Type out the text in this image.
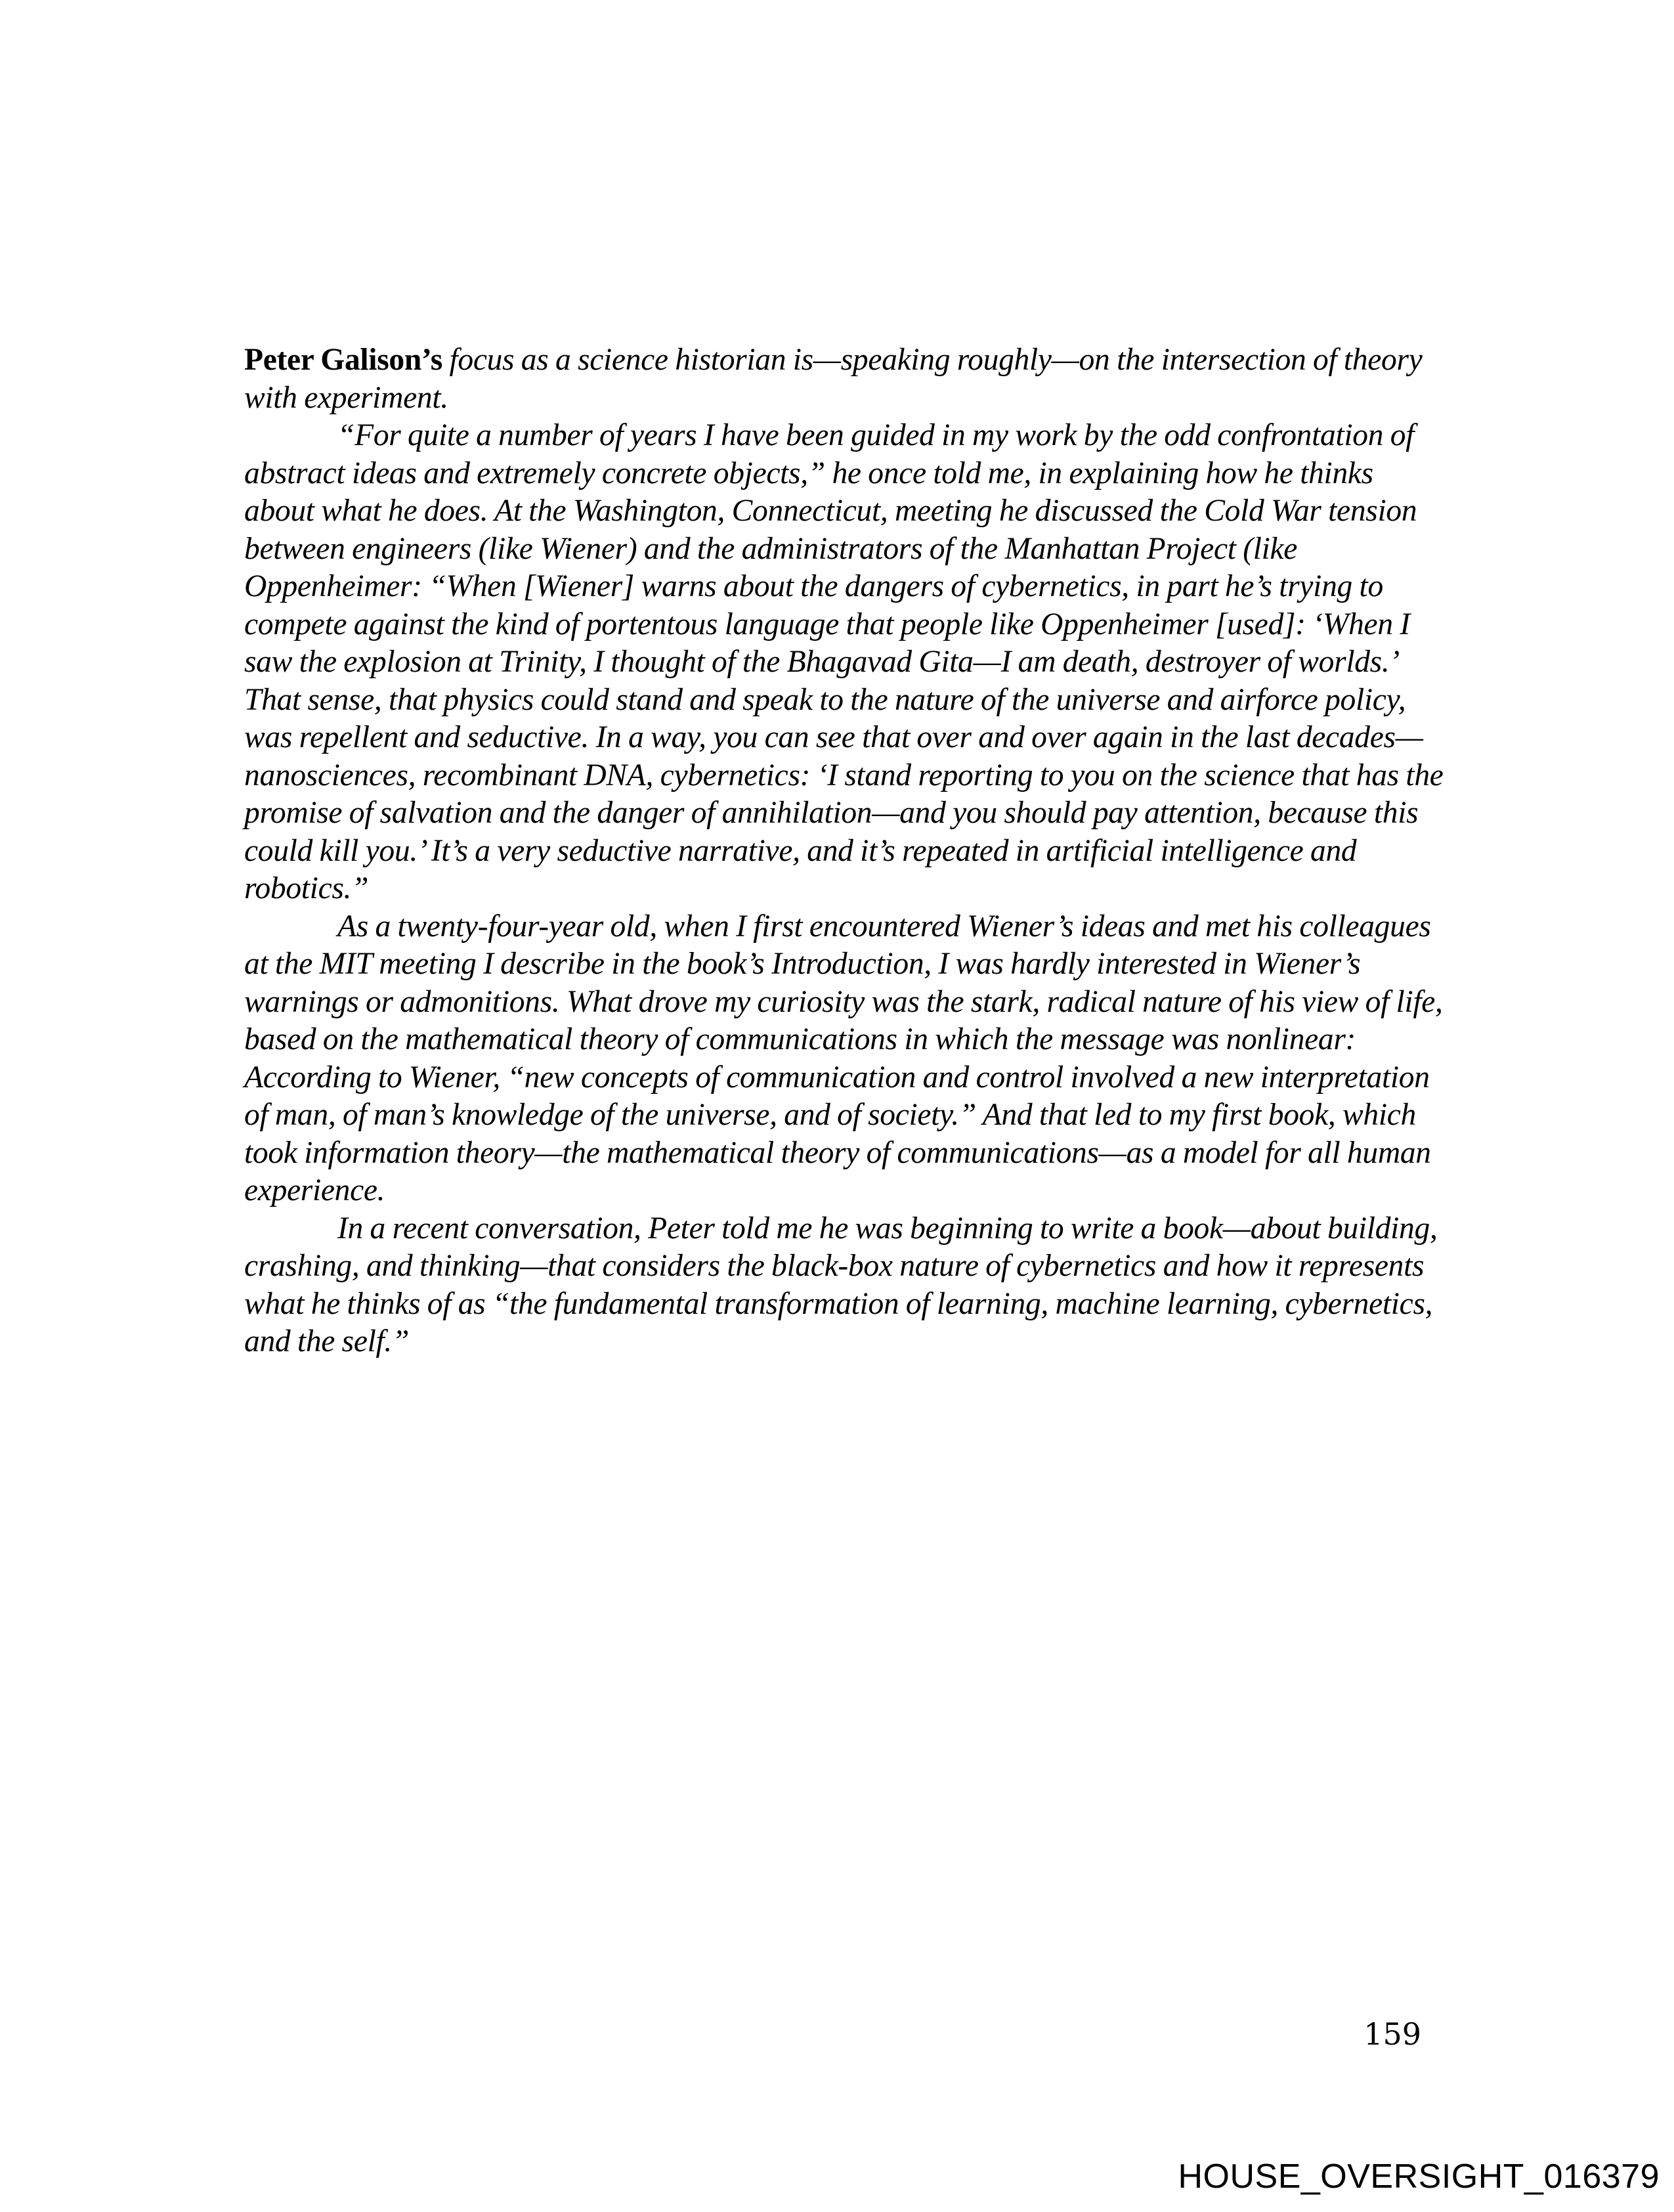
Peter Galison’s focus as a science historian is—speaking roughly—on the intersection of theory with experiment.

“For quite a number of years I have been guided in my work by the odd confrontation of abstract ideas and extremely concrete objects,” he once told me, in explaining how he thinks about what he does. At the Washington, Connecticut, meeting he discussed the Cold War tension between engineers (like Wiener) and the administrators of the Manhattan Project (like Oppenheimer: “When [Wiener] warns about the dangers of cybernetics, in part he’s trying to compete against the kind of portentous language that people like Oppenheimer [used]: ‘When I saw the explosion at Trinity, I thought of the Bhagavad Gita—I am death, destroyer of worlds.’ That sense, that physics could stand and speak to the nature of the universe and airforce policy, was repellent and seductive. In a way, you can see that over and over again in the last decades—nanosciences, recombinant DNA, cybernetics: ‘I stand reporting to you on the science that has the promise of salvation and the danger of annihilation—and you should pay attention, because this could kill you.’ It’s a very seductive narrative, and it’s repeated in artificial intelligence and robotics.”

As a twenty-four-year old, when I first encountered Wiener’s ideas and met his colleagues at the MIT meeting I describe in the book’s Introduction, I was hardly interested in Wiener’s warnings or admonitions. What drove my curiosity was the stark, radical nature of his view of life, based on the mathematical theory of communications in which the message was nonlinear: According to Wiener, “new concepts of communication and control involved a new interpretation of man, of man’s knowledge of the universe, and of society.” And that led to my first book, which took information theory—the mathematical theory of communications—as a model for all human experience.

In a recent conversation, Peter told me he was beginning to write a book—about building, crashing, and thinking—that considers the black-box nature of cybernetics and how it represents what he thinks of as “the fundamental transformation of learning, machine learning, cybernetics, and the self.”

159
HOUSE_OVERSIGHT_016379
